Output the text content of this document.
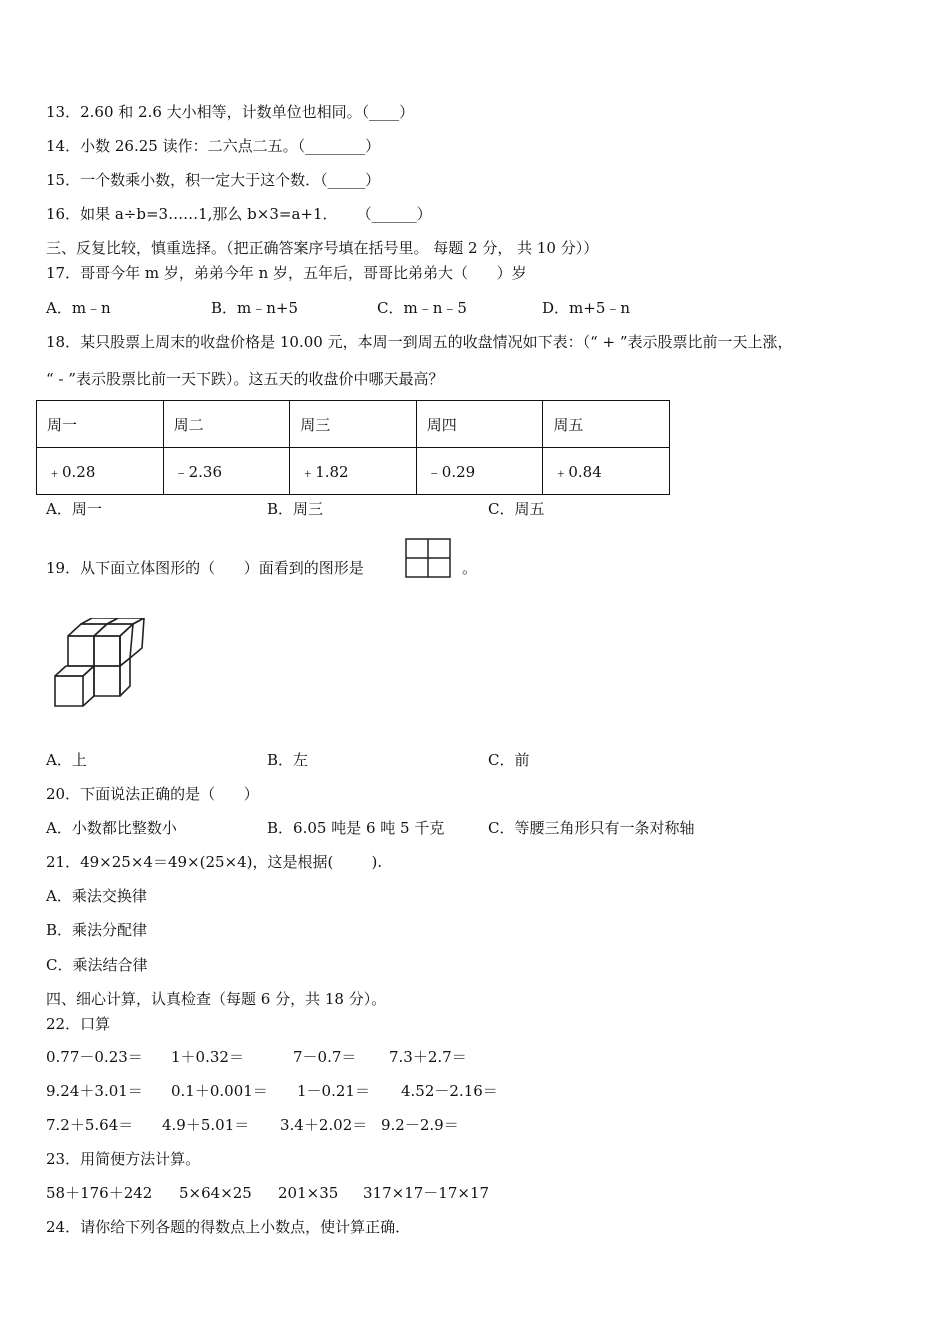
13．2.60 和 2.6 大小相等，计数单位也相同。（____）
14．小数 26.25 读作：二六点二五。（________）
15．一个数乘小数，积一定大于这个数．（_____）
16．如果 a÷b=3……1,那么 b×3=a+1．    （______）
三、反复比较，慎重选择。（把正确答案序号填在括号里。 每题 2 分， 共 10 分））
17．哥哥今年 m 岁，弟弟今年 n 岁，五年后，哥哥比弟弟大（      ）岁
A．m﹣n	B．m﹣n+5	C．m﹣n﹣5	D．m+5﹣n
18．某只股票上周末的收盘价格是 10.00 元，本周一到周五的收盘情况如下表：（“ + ”表示股票比前一天上涨，
“ - ”表示股票比前一天下跌）。这五天的收盘价中哪天最高？
周一	周二	周三	周四	周五
﹢0.28	﹣2.36	﹢1.82	﹣0.29	﹢0.84
A．周一	B．周三	C．周五
19．从下面立体图形的（      ）面看到的图形是	。
A．上	B．左	C．前
20．下面说法正确的是（      ）
A．小数都比整数小	B．6.05 吨是 6 吨 5 千克	C．等腰三角形只有一条对称轴
21．49×25×4＝49×(25×4)，这是根据(        ).
A．乘法交换律
B．乘法分配律
C．乘法结合律
四、细心计算，认真检查（每题 6 分，共 18 分）。
22．口算
0.77－0.23＝ 1＋0.32＝	7－0.7＝ 7.3＋2.7＝
9.24＋3.01＝ 0.1＋0.001＝ 1－0.21＝ 4.52－2.16＝
7.2＋5.64＝ 4.9＋5.01＝ 3.4＋2.02＝ 9.2－2.9＝
23．用简便方法计算。
58＋176＋242 5×64×25 201×35 317×17－17×17
24．请你给下列各题的得数点上小数点，使计算正确．
